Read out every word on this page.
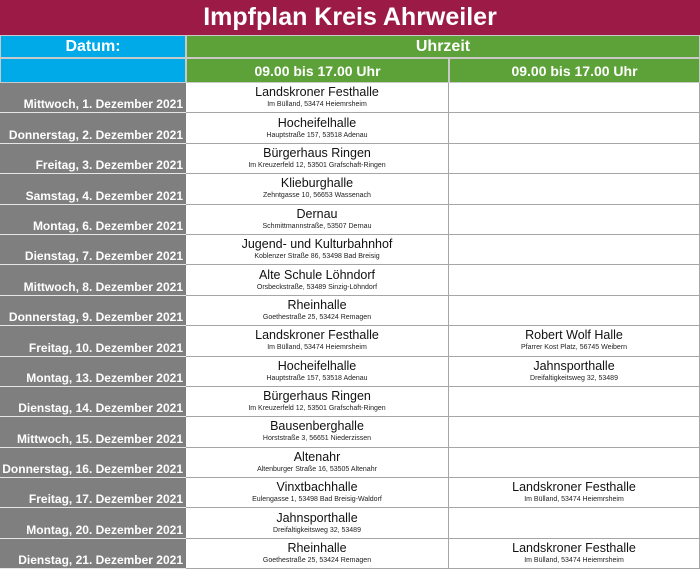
Impfplan Kreis Ahrweiler
Datum:	Uhrzeit
09.00 bis 17.00 Uhr	09.00 bis 17.00 Uhr
Mittwoch, 1. Dezember 2021
Landskroner Festhalle
Im Bülland, 53474 Heiemrsheim
Donnerstag, 2. Dezember 2021
Hocheifelhalle
Hauptstraße 157, 53518 Adenau
Freitag, 3. Dezember 2021
Bürgerhaus Ringen
Im Kreuzerfeld 12, 53501 Grafschaft-Ringen
Samstag, 4. Dezember 2021
Klieburghalle
Zehntgasse 10, 56653 Wassenach
Montag, 6. Dezember 2021
Dernau
Schmittmannstraße, 53507 Dernau
Dienstag, 7. Dezember 2021
Jugend- und Kulturbahnhof
Koblenzer Straße 86, 53498 Bad Breisig
Mittwoch, 8. Dezember 2021
Alte Schule Löhndorf
Orsbeckstraße, 53489 Sinzig-Löhndorf
Donnerstag, 9. Dezember 2021
Rheinhalle
Goethestraße 25, 53424 Remagen
Freitag, 10. Dezember 2021
Landskroner Festhalle
Im Bülland, 53474 Heiemrsheim
Robert Wolf Halle
Pfarrer Kost Platz, 56745 Weibern
Montag, 13. Dezember 2021
Hocheifelhalle
Hauptstraße 157, 53518 Adenau
Jahnsporthalle
Dreifaltigkeitsweg 32, 53489
Dienstag, 14. Dezember 2021
Bürgerhaus Ringen
Im Kreuzerfeld 12, 53501 Grafschaft-Ringen
Mittwoch, 15. Dezember 2021
Bausenberghalle
Horststraße 3, 56651 Niederzissen
Donnerstag, 16. Dezember 2021
Altenahr
Altenburger Straße 16, 53505 Altenahr
Freitag, 17. Dezember 2021
Vinxtbachhalle
Eulengasse 1, 53498 Bad Breisig-Waldorf
Landskroner Festhalle
Im Bülland, 53474 Heiemrsheim
Montag, 20. Dezember 2021
Jahnsporthalle
Dreifaltigkeitsweg 32, 53489
Dienstag, 21. Dezember 2021
Rheinhalle
Goethestraße 25, 53424 Remagen
Landskroner Festhalle
Im Bülland, 53474 Heiemrsheim
